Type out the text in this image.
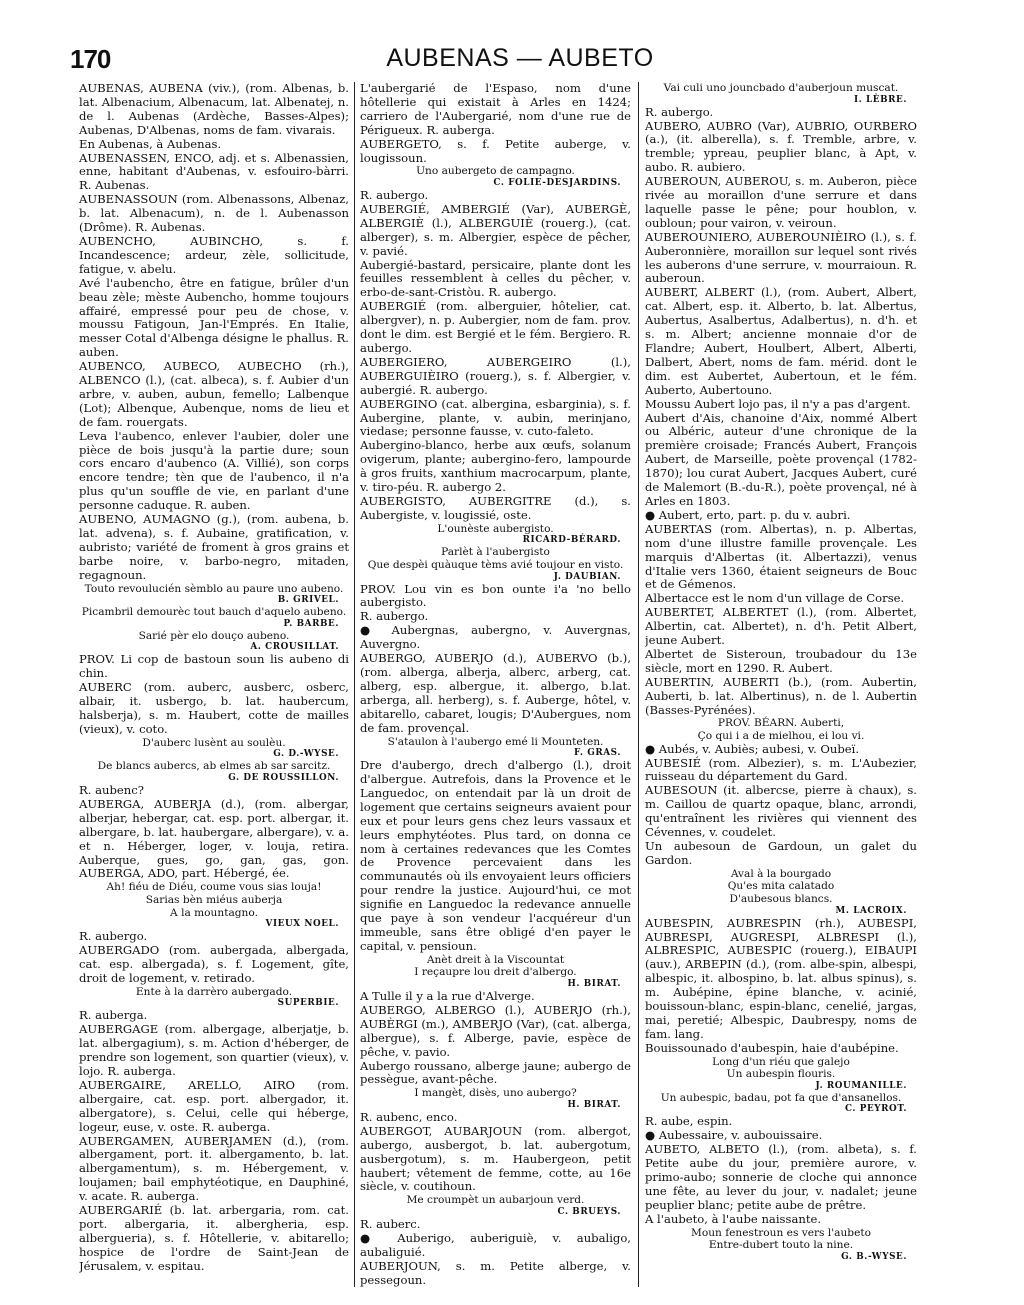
170	AUBENAS — AUBETO

AUBENAS, AUBENA (viv.), (rom. Albenas, b. lat. Albenacium, Albenacum, lat. Albenatej, n. de l. Aubenas (Ardèche, Basses-Alpes); Aubenas, D'Albenas, noms de fam. vivarais.

En Aubenas, à Aubenas.

AUBENASSEN, ENCO, adj. et s. Albenassien, enne, habitant d'Aubenas, v. esfouiro-bàrri. R. Aubenas.

AUBENASSOUN (rom. Albenassons, Albenaz, b. lat. Albenacum), n. de l. Aubenasson (Drôme). R. Aubenas.

AUBENCHO, AUBINCHO, s. f. Incandescence; ardeur, zèle, sollicitude, fatigue, v. abelu.

Avé l'aubencho, être en fatigue, brûler d'un beau zèle; mèste Aubencho, homme toujours affairé, empressé pour peu de chose, v. moussu Fatigoun, Jan-l'Emprés. En Italie, messer Cotal d'Albenga désigne le phallus. R. auben.

AUBENCO, AUBECO, AUBECHO (rh.), ALBENCO (l.), (cat. albeca), s. f. Aubier d'un arbre, v. auben, aubun, femello; Lalbenque (Lot); Albenque, Aubenque, noms de lieu et de fam. rouergats.

Leva l'aubenco, enlever l'aubier, doler une pièce de bois jusqu'à la partie dure; soun cors encaro d'aubenco (A. Villié), son corps encore tendre; tèn que de l'aubenco, il n'a plus qu'un souffle de vie, en parlant d'une personne caduque. R. auben.

AUBENO, AUMAGNO (g.), (rom. aubena, b. lat. advena), s. f. Aubaine, gratification, v. aubristo; variété de froment à gros grains et barbe noire, v. barbo-negro, mitaden, regagnoun.

Touto revoulucién sèmblo au paure uno aubeno.

B. GRIVEL.

Picambril demourèc tout bauch d'aquelo aubeno.

P. BARBE.

Sarié pèr elo douço aubeno.

A. CROUSILLAT.

PROV. Li cop de bastoun soun lis aubeno di chin.

AUBERC (rom. auberc, ausberc, osberc, albair, it. usbergo, b. lat. haubercum, halsberja), s. m. Haubert, cotte de mailles (vieux), v. coto.

D'auberc lusènt au soulèu.

G. D.-WYSE.

De blancs aubercs, ab elmes ab sar sarcitz.

G. DE ROUSSILLON.

R. aubenc?

AUBERGA, AUBERJA (d.), (rom. albergar, alberjar, hebergar, cat. esp. port. albergar, it. albergare, b. lat. haubergare, albergare), v. a. et n. Héberger, loger, v. louja, retira. Auberque, gues, go, gan, gas, gon. AUBERGA, ADO, part. Hébergé, ée.

Ah! fiéu de Diéu, coume vous sias louja!

Sarias bèn miéus auberja

A la mountagno.

VIEUX NOEL.

R. aubergo.

AUBERGADO (rom. aubergada, albergada, cat. esp. albergada), s. f. Logement, gîte, droit de logement, v. retirado.

Ente à la darrèro aubergado.

SUPERBIE.

R. auberga.

AUBERGAGE (rom. albergage, alberjatje, b. lat. albergagium), s. m. Action d'héberger, de prendre son logement, son quartier (vieux), v. lojo. R. auberga.

AUBERGAIRE, ARELLO, AIRO (rom. albergaire, cat. esp. port. albergador, it. albergatore), s. Celui, celle qui héberge, logeur, euse, v. oste. R. auberga.

AUBERGAMEN, AUBERJAMEN (d.), (rom. albergament, port. it. albergamento, b. lat. albergamentum), s. m. Hébergement, v. loujamen; bail emphytéotique, en Dauphiné, v. acate. R. auberga.

AUBERGARIÉ (b. lat. arbergaria, rom. cat. port. albergaria, it. albergheria, esp. albergueria), s. f. Hôtellerie, v. abitarello; hospice de l'ordre de Saint-Jean de Jérusalem, v. espitau.

L'aubergarié de l'Espaso, nom d'une hôtellerie qui existait à Arles en 1424; carriero de l'Aubergarié, nom d'une rue de Périgueux. R. auberga.

AUBERGETO, s. f. Petite auberge, v. lougissoun.

Uno aubergeto de campagno.

C. FOLIE-DESJARDINS.

R. aubergo.

AUBERGIÉ, AMBERGIÉ (Var), AUBERGÈ, ALBERGIÈ (l.), ALBERGUIÈ (rouerg.), (cat. alberger), s. m. Albergier, espèce de pêcher, v. pavié.

Aubergié-bastard, persicaire, plante dont les feuilles ressemblent à celles du pêcher, v. erbo-de-sant-Cristòu. R. aubergo.

AUBERGIÉ (rom. alberguier, hôtelier, cat. albergver), n. p. Aubergier, nom de fam. prov. dont le dim. est Bergié et le fém. Bergiero. R. aubergo.

AUBERGIERO, AUBERGEIRO (l.), AUBERGUIÈIRO (rouerg.), s. f. Albergier, v. aubergié. R. aubergo.

AUBERGINO (cat. albergina, esbarginia), s. f. Aubergine, plante, v. aubin, merinjano, viedase; personne fausse, v. cuto-faleto.

Aubergino-blanco, herbe aux œufs, solanum ovigerum, plante; aubergino-fero, lampourde à gros fruits, xanthium macrocarpum, plante, v. tiro-péu. R. aubergo 2.

AUBERGISTO, AUBERGITRE (d.), s. Aubergiste, v. lougissié, oste.

L'ounèste aubergisto.

RICARD-BÉRARD.

Parlèt à l'aubergisto

Que despèi quàuque tèms avié toujour en visto.

J. DAUBIAN.

PROV. Lou vin es bon ounte i'a 'no bello aubergisto.

R. aubergo.

● Aubergnas, aubergno, v. Auvergnas, Auvergno.

AUBERGO, AUBERJO (d.), AUBERVO (b.), (rom. alberga, alberja, alberc, arberg, cat. alberg, esp. albergue, it. albergo, b.lat. arberga, all. herberg), s. f. Auberge, hôtel, v. abitarello, cabaret, lougis; D'Aubergues, nom de fam. provençal.

S'ataulon à l'aubergo emé li Mounteten.

F. GRAS.

Dre d'aubergo, drech d'albergo (l.), droit d'albergue. Autrefois, dans la Provence et le Languedoc, on entendait par là un droit de logement que certains seigneurs avaient pour eux et pour leurs gens chez leurs vassaux et leurs emphytéotes. Plus tard, on donna ce nom à certaines redevances que les Comtes de Provence percevaient dans les communautés où ils envoyaient leurs officiers pour rendre la justice. Aujourd'hui, ce mot signifie en Languedoc la redevance annuelle que paye à son vendeur l'acquéreur d'un immeuble, sans être obligé d'en payer le capital, v. pensioun.

Anèt dreit à la Viscountat

I reçaupre lou dreit d'albergo.

H. BIRAT.

A Tulle il y a la rue d'Alverge.

AUBERGO, ALBERGO (l.), AUBERJO (rh.), AUBÈRGI (m.), AMBERJO (Var), (cat. alberga, albergue), s. f. Alberge, pavie, espèce de pêche, v. pavio.

Aubergo roussano, alberge jaune; aubergo de pessègue, avant-pêche.

I mangèt, disès, uno aubergo?

H. BIRAT.

R. aubenc, enco.

AUBERGOT, AUBARJOUN (rom. albergot, aubergo, ausbergot, b. lat. aubergotum, ausbergotum), s. m. Haubergeon, petit haubert; vêtement de femme, cotte, au 16e siècle, v. coutihoun.

Me croumpèt un aubarjoun verd.

C. BRUEYS.

R. auberc.

● Auberigo, auberiguiè, v. aubaligo, aubaliguié.

AUBERJOUN, s. m. Petite alberge, v. pessegoun.

Vai culi uno jouncbado d'auberjoun muscat.

I. LÈBRE.

R. aubergo.

AUBERO, AUBRO (Var), AUBRIO, OURBERO (a.), (it. alberella), s. f. Tremble, arbre, v. tremble; ypreau, peuplier blanc, à Apt, v. aubo. R. aubiero.

AUBEROUN, AUBEROU, s. m. Auberon, pièce rivée au moraillon d'une serrure et dans laquelle passe le pêne; pour houblon, v. oubloun; pour vairon, v. veiroun.

AUBEROUNIERO, AUBEROUNIÈIRO (l.), s. f. Auberonnière, moraillon sur lequel sont rivés les auberons d'une serrure, v. mourraioun. R. auberoun.

AUBERT, ALBERT (l.), (rom. Aubert, Albert, cat. Albert, esp. it. Alberto, b. lat. Albertus, Aubertus, Asalbertus, Adalbertus), n. d'h. et s. m. Albert; ancienne monnaie d'or de Flandre; Aubert, Houlbert, Albert, Alberti, Dalbert, Abert, noms de fam. mérid. dont le dim. est Aubertet, Aubertoun, et le fém. Auberto, Aubertouno.

Moussu Aubert lojo pas, il n'y a pas d'argent.

Aubert d'Ais, chanoine d'Aix, nommé Albert ou Albéric, auteur d'une chronique de la première croisade; Francés Aubert, François Aubert, de Marseille, poète provençal (1782-1870); lou curat Aubert, Jacques Aubert, curé de Malemort (B.-du-R.), poète provençal, né à Arles en 1803.

● Aubert, erto, part. p. du v. aubri.

AUBERTAS (rom. Albertas), n. p. Albertas, nom d'une illustre famille provençale. Les marquis d'Albertas (it. Albertazzi), venus d'Italie vers 1360, étaient seigneurs de Bouc et de Gémenos.

Albertacce est le nom d'un village de Corse.

AUBERTET, ALBERTET (l.), (rom. Albertet, Albertin, cat. Albertet), n. d'h. Petit Albert, jeune Aubert.

Albertet de Sisteroun, troubadour du 13e siècle, mort en 1290. R. Aubert.

AUBERTIN, AUBERTI (b.), (rom. Aubertin, Auberti, b. lat. Albertinus), n. de l. Aubertin (Basses-Pyrénées).

PROV. BÉARN. Auberti,

Ço qui i a de mielhou, ei lou vi.

● Aubés, v. Aubiès; aubesi, v. Oubeï.

AUBESIÉ (rom. Albezier), s. m. L'Aubezier, ruisseau du département du Gard.

AUBESOUN (it. albercse, pierre à chaux), s. m. Caillou de quartz opaque, blanc, arrondi, qu'entraînent les rivières qui viennent des Cévennes, v. coudelet.

Un aubesoun de Gardoun, un galet du Gardon.

Aval à la bourgado

Qu'es mita calatado

D'aubesous blancs.

M. LACROIX.

AUBESPIN, AUBRESPIN (rh.), AUBESPI, AUBRESPI, AUGRESPI, ALBRESPI (l.), ALBRESPIC, AUBESPIC (rouerg.), EIBAUPI (auv.), ARBEPIN (d.), (rom. albe-spin, albespi, albespic, it. albospino, b. lat. albus spinus), s. m. Aubépine, épine blanche, v. acinié, bouissoun-blanc, espin-blanc, cenelié, jargas, mai, peretié; Albespic, Daubrespy, noms de fam. lang.

Bouissounado d'aubespin, haie d'aubépine.

Long d'un riéu que galejo

Un aubespin flouris.

J. ROUMANILLE.

Un aubespic, badau, pot fa que d'ansanellos.

C. PEYROT.

R. aube, espin.

● Aubessaire, v. aubouissaire.

AUBETO, ALBETO (l.), (rom. albeta), s. f. Petite aube du jour, première aurore, v. primo-aubo; sonnerie de cloche qui annonce une fête, au lever du jour, v. nadalet; jeune peuplier blanc; petite aube de prêtre.

A l'aubeto, à l'aube naissante.

Moun fenestroun es vers l'aubeto

Entre-dubert touto la nine.

G. B.-WYSE.
